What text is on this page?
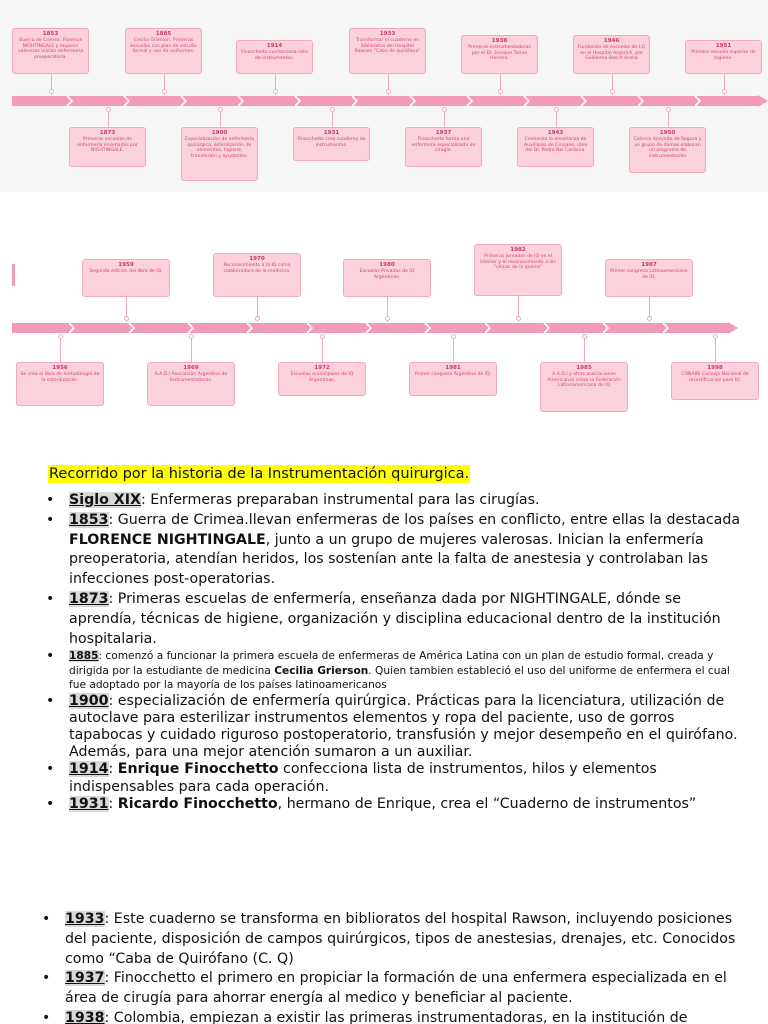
1853
Guerra de Crimea. Florence NIGHTINGALE y mujeres valerosas inician enfermería preoperatoria.
1885
Cecilia Grierson. Primeras escuelas con plan de estudio formal y uso de uniformes.
1914
Finocchetto confecciona lista de instrumentos.
1933
Transformar el cuaderno en biblioratos del Hospital Rawson "Caba de quirófano"
1938
Primeras instrumentadoras por el Dr. Enrique Torres Herrera.
1946
Fundación de escuelas de I.Q en el Hospital Argerich, por Guillermo Bosch Arana
1951
Primera escuela superior de higiene.
1873
Primeras escuelas de enfermería enseñadas por NIGHTINGALE.
1900
Especialización de enfermería quirúrgica, esterilización de elementos, higiene, transfusión y ayudantes.
1931
Finocchetto crea cuaderno de instrumentos.
1937
Finocchetto forma una enfermera especializada en cirugía.
1943
Comienza la enseñanza de Auxiliares de Cirujano, idea del Dr. Pedro Nel Cardona.
1950
Colmira Acevedo de Segura y un grupo de damas elaboran un programa de instrumentación
1959
Segunda edición del libro de IQ.
1970
Reconocimiento a la IQ como colaboradora de la medicina.
1980
Escuelas Privadas de IQ Argentinas.
1982
Primeras jornadas de IQ en el interior y el reconocimiento a las "chicas de la guerra"	1987
Primer congreso Latinoamericano de IQ.
1956
Se crea el libro de metodología de la esterilización.
1969
A.A.D.I Asociación Argentina de Instrumentadoras.
1972
Escuelas municipales de IQ Argentinas.
1981
Primer congreso Argentino de IQ.
1985
A.A.D.I y otras asociaciones Americanas crean la Federación Latinoamericana de IQ
1998
CONAIRI Consejo Nacional de recertificación para IQ.
Recorrido por la historia de la Instrumentación quirurgica.
• Siglo XIX: Enfermeras preparaban instrumental para las cirugías.
• 1853: Guerra de Crimea.llevan enfermeras de los países en conflicto, entre ellas la destacada FLORENCE NIGHTINGALE, junto a un grupo de mujeres valerosas. Inician la enfermería preoperatoria, atendían heridos, los sostenían ante la falta de anestesia y controlaban las infecciones post-operatorias.
• 1873: Primeras escuelas de enfermería, enseñanza dada por NIGHTINGALE, dónde se aprendía, técnicas de higiene, organización y disciplina educacional dentro de la institución hospitalaria.
• 1885: comenzó a funcionar la primera escuela de enfermeras de América Latina con un plan de estudio formal, creada y dirigida por la estudiante de medicina Cecilia Grierson. Quien tambien estableció el uso del uniforme de enfermera el cual fue adoptado por la mayoría de los países latinoamericanos
• 1900: especialización de enfermería quirúrgica. Prácticas para la licenciatura, utilización de autoclave para esterilizar instrumentos elementos y ropa del paciente, uso de gorros tapabocas y cuidado riguroso postoperatorio, transfusión y mejor desempeño en el quirófano. Además, para una mejor atención sumaron a un auxiliar.
• 1914: Enrique Finocchetto confecciona lista de instrumentos, hilos y elementos indispensables para cada operación.
• 1931: Ricardo Finocchetto, hermano de Enrique, crea el “Cuaderno de instrumentos”
• 1933: Este cuaderno se transforma en biblioratos del hospital Rawson, incluyendo posiciones del paciente, disposición de campos quirúrgicos, tipos de anestesias, drenajes, etc. Conocidos como “Caba de Quirófano (C. Q)
• 1937: Finocchetto el primero en propiciar la formación de una enfermera especializada en el área de cirugía para ahorrar energía al medico y beneficiar al paciente.
• 1938: Colombia, empiezan a existir las primeras instrumentadoras, en la institución de
